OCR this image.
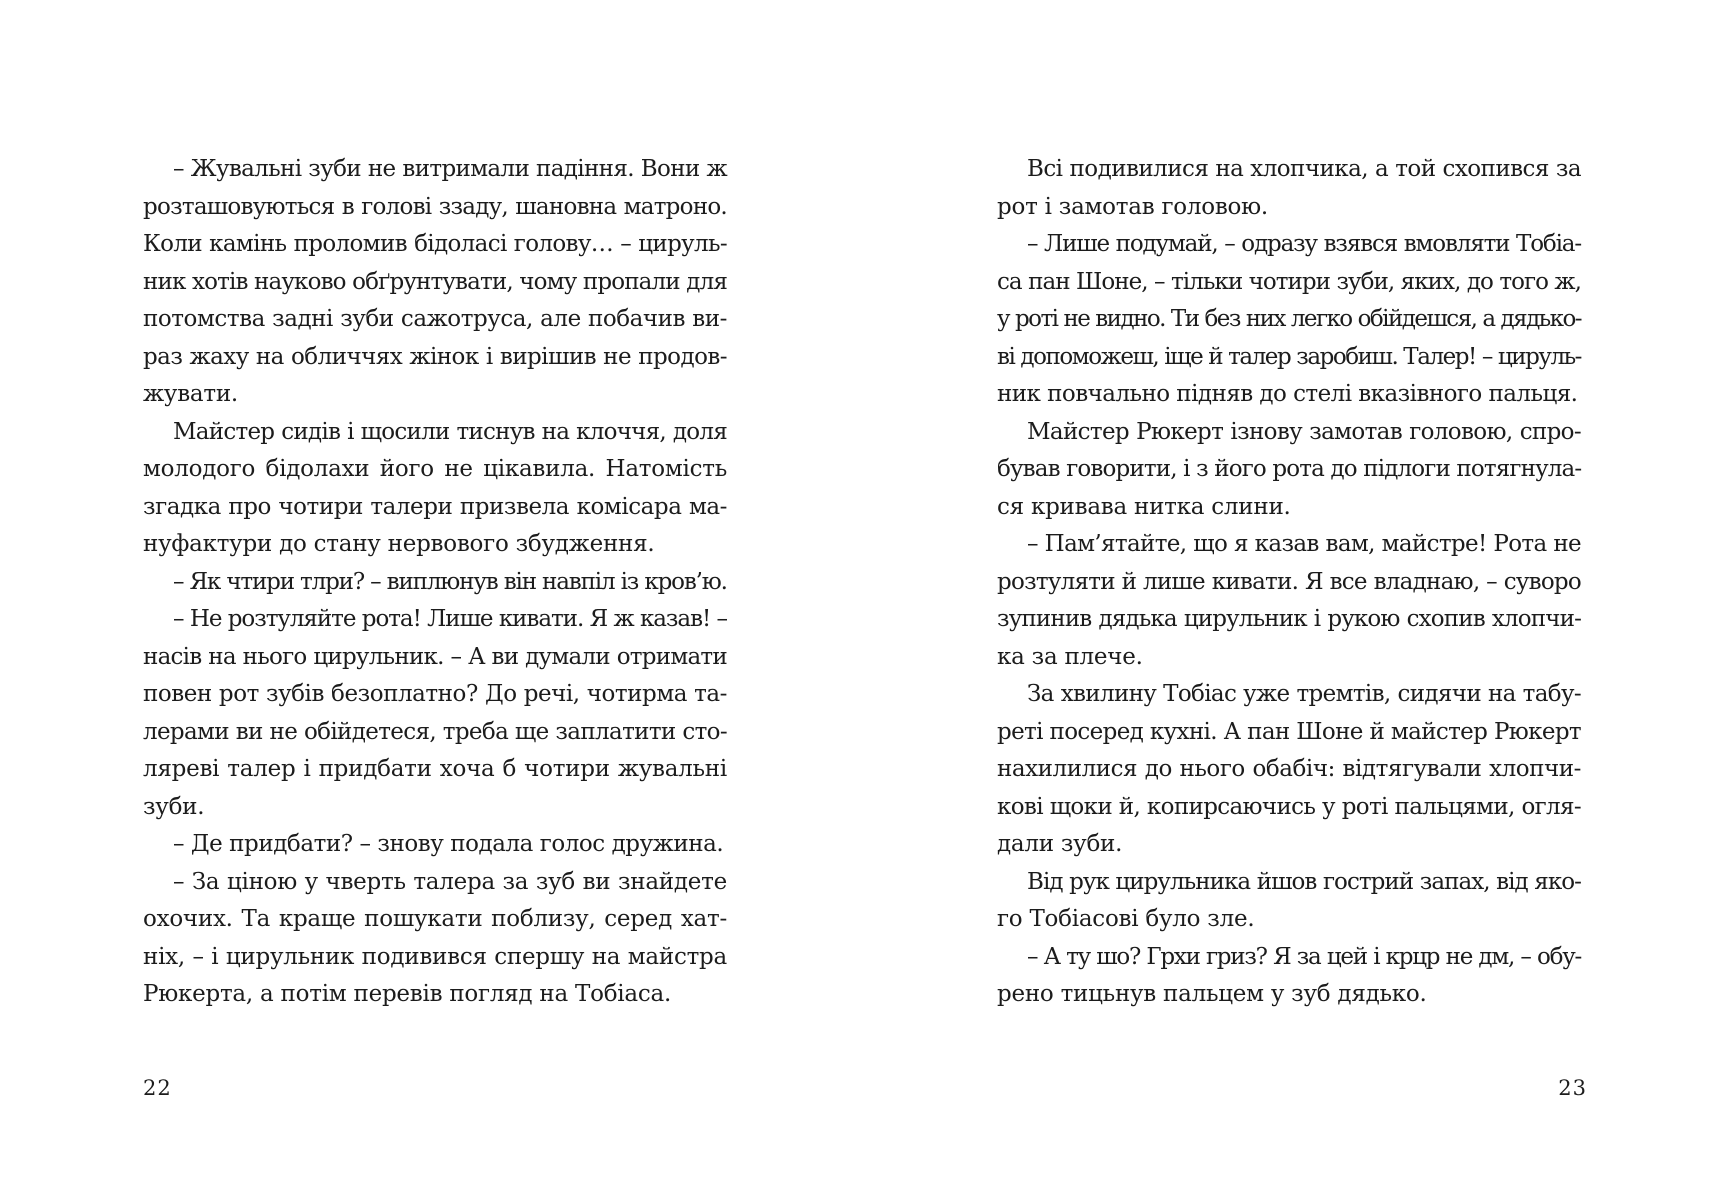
– Жувальні зуби не витримали падіння. Вони ж
розташовуються в голові ззаду, шановна матроно.
Коли камінь проломив бідоласі голову… – цируль-
ник хотів науково обґрунтувати, чому пропали для
потомства задні зуби сажотруса, але побачив ви-
раз жаху на обличчях жінок і вирішив не продов-
жувати.
Майстер сидів і щосили тиснув на клоччя, доля
молодого бідолахи його не цікавила. Натомість
згадка про чотири талери призвела комісара ма-
нуфактури до стану нервового збудження.
– Як чтири тлри? – виплюнув він навпіл із кров’ю.
– Не розтуляйте рота! Лише кивати. Я ж казав! –
насів на нього цирульник. – А ви думали отримати
повен рот зубів безоплатно? До речі, чотирма та-
лерами ви не обійдетеся, треба ще заплатити сто-
ляреві талер і придбати хоча б чотири жувальні
зуби.
– Де придбати? – знову подала голос дружина.
– За ціною у чверть талера за зуб ви знайдете
охочих. Та краще пошукати поблизу, серед хат-
ніх, – і цирульник подивився спершу на майстра
Рюкерта, а потім перевів погляд на Тобіаса.
Всі подивилися на хлопчика, а той схопився за
рот і замотав головою.
– Лише подумай, – одразу взявся вмовляти Тобіа-
са пан Шоне, – тільки чотири зуби, яких, до того ж,
у роті не видно. Ти без них легко обійдешся, а дядько-
ві допоможеш, іще й талер заробиш. Талер! – цируль-
ник повчально підняв до стелі вказівного пальця.
Майстер Рюкерт ізнову замотав головою, спро-
бував говорити, і з його рота до підлоги потягнула-
ся кривава нитка слини.
– Пам’ятайте, що я казав вам, майстре! Рота не
розтуляти й лише кивати. Я все владнаю, – суворо
зупинив дядька цирульник і рукою схопив хлопчи-
ка за плече.
За хвилину Тобіас уже тремтів, сидячи на табу-
реті посеред кухні. А пан Шоне й майстер Рюкерт
нахилилися до нього обабіч: відтягували хлопчи-
кові щоки й, копирсаючись у роті пальцями, огля-
дали зуби.
Від рук цирульника йшов гострий запах, від яко-
го Тобіасові було зле.
– А ту шо? Грхи гриз? Я за цей і крцр не дм, – обу-
рено тицьнув пальцем у зуб дядько.
22	23
